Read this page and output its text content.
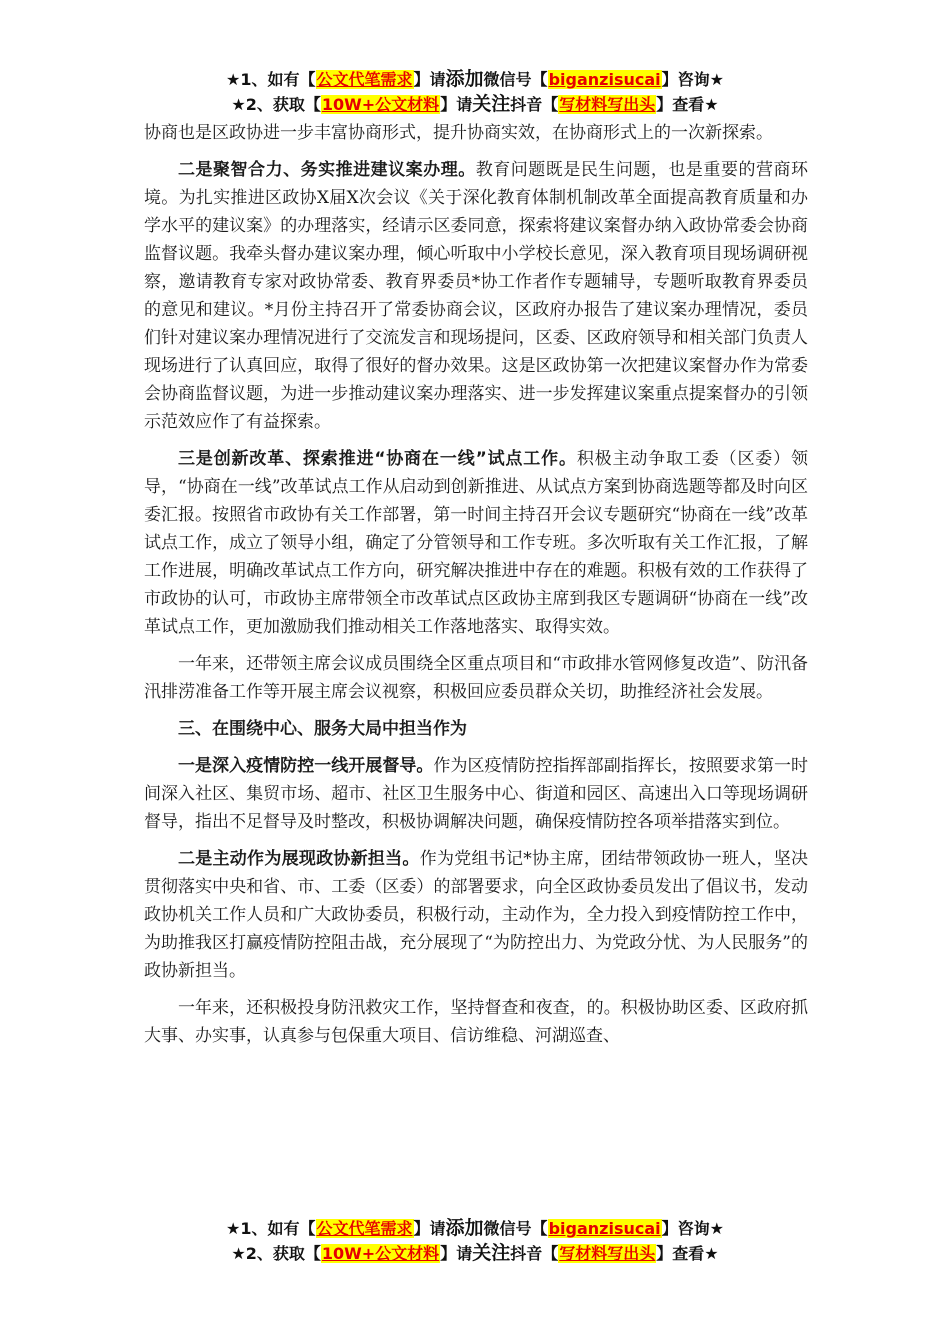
★1、如有【公文代笔需求】请添加微信号【biganzisucai】咨询★
★2、获取【10W+公文材料】请关注抖音【写材料写出头】查看★

协商也是区政协进一步丰富协商形式，提升协商实效，在协商形式上的一次新探索。

二是聚智合力、务实推进建议案办理。教育问题既是民生问题，也是重要的营商环境。为扎实推进区政协X届X次会议《关于深化教育体制机制改革全面提高教育质量和办学水平的建议案》的办理落实，经请示区委同意，探索将建议案督办纳入政协常委会协商监督议题。我牵头督办建议案办理，倾心听取中小学校长意见，深入教育项目现场调研视察，邀请教育专家对政协常委、教育界委员*协工作者作专题辅导，专题听取教育界委员的意见和建议。*月份主持召开了常委协商会议，区政府办报告了建议案办理情况，委员们针对建议案办理情况进行了交流发言和现场提问，区委、区政府领导和相关部门负责人现场进行了认真回应，取得了很好的督办效果。这是区政协第一次把建议案督办作为常委会协商监督议题，为进一步推动建议案办理落实、进一步发挥建议案重点提案督办的引领示范效应作了有益探索。

三是创新改革、探索推进“协商在一线”试点工作。积极主动争取工委（区委）领导，“协商在一线”改革试点工作从启动到创新推进、从试点方案到协商选题等都及时向区委汇报。按照省市政协有关工作部署，第一时间主持召开会议专题研究“协商在一线”改革试点工作，成立了领导小组，确定了分管领导和工作专班。多次听取有关工作汇报，了解工作进展，明确改革试点工作方向，研究解决推进中存在的难题。积极有效的工作获得了市政协的认可，市政协主席带领全市改革试点区政协主席到我区专题调研“协商在一线”改革试点工作，更加激励我们推动相关工作落地落实、取得实效。

一年来，还带领主席会议成员围绕全区重点项目和“市政排水管网修复改造”、防汛备汛排涝准备工作等开展主席会议视察，积极回应委员群众关切，助推经济社会发展。

三、在围绕中心、服务大局中担当作为

一是深入疫情防控一线开展督导。作为区疫情防控指挥部副指挥长，按照要求第一时间深入社区、集贸市场、超市、社区卫生服务中心、街道和园区、高速出入口等现场调研督导，指出不足督导及时整改，积极协调解决问题，确保疫情防控各项举措落实到位。

二是主动作为展现政协新担当。作为党组书记*协主席，团结带领政协一班人，坚决贯彻落实中央和省、市、工委（区委）的部署要求，向全区政协委员发出了倡议书，发动政协机关工作人员和广大政协委员，积极行动，主动作为，全力投入到疫情防控工作中，为助推我区打赢疫情防控阻击战，充分展现了“为防控出力、为党政分忧、为人民服务”的政协新担当。

一年来，还积极投身防汛救灾工作，坚持督查和夜查，的。积极协助区委、区政府抓大事、办实事，认真参与包保重大项目、信访维稳、河湖巡查、

★1、如有【公文代笔需求】请添加微信号【biganzisucai】咨询★
★2、获取【10W+公文材料】请关注抖音【写材料写出头】查看★
